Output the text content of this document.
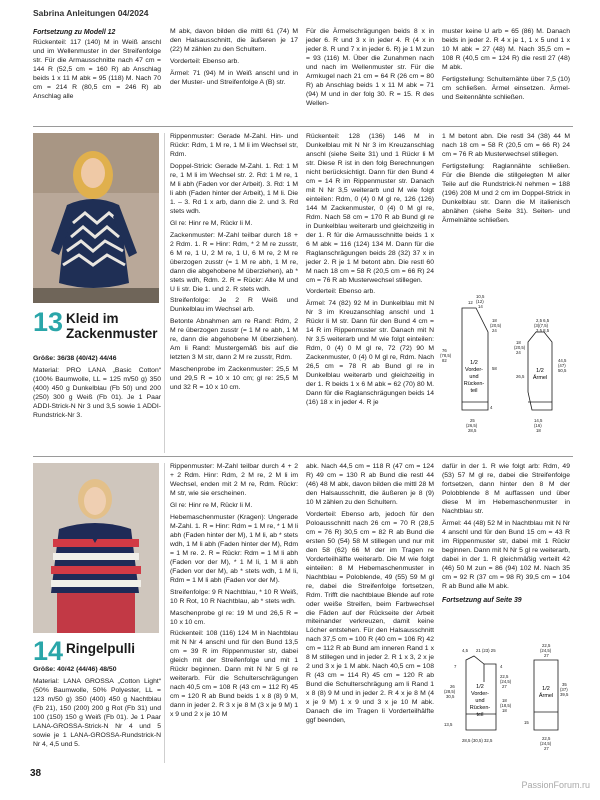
Sabrina Anleitungen 04/2024
Fortsetzung zu Modell 12

Rückenteil: 117 (140) M in Weiß anschl und im Wellenmuster in der Streifenfolge str. Für die Armausschnitte nach 47 cm = 144 R (52,5 cm = 160 R) ab Anschlag beids 1 x 11 M abk = 95 (118) M. Nach 70 cm = 214 R (80,5 cm = 246 R) ab Anschlag alle

M abk, davon bilden die mittl 61 (74) M den Halsausschnitt, die äußeren je 17 (22) M zählen zu den Schultern.

Vorderteil: Ebenso arb.

Ärmel: 71 (94) M in Weiß anschl und in der Muster- und Streifenfolge A (B) str.

Für die Ärmelschrägungen beids 8 x in jeder 6. R und 3 x in jeder 4. R (4 x in jeder 8. R und 7 x in jeder 6. R) je 1 M zun = 93 (116) M. Über die Zunahmen nach und nach im Wellenmuster str. Für die Armkugel nach 21 cm = 64 R (26 cm = 80 R) ab Anschlag beids 1 x 11 M abk = 71 (94) M und in der folg 30. R = 15. R des Wellen-

muster keine U arb = 65 (86) M. Danach beids in jeder 2. R 4 x je 1, 1 x 5 und 1 x 10 M abk = 27 (48) M. Nach 35,5 cm = 108 R (40,5 cm = 124 R) die restl 27 (48) M abk.

Fertigstellung: Schulternähte über 7,5 (10) cm schließen. Ärmel einsetzen. Ärmel- und Seitennähte schließen.

13 Kleid im Zackenmuster

Größe: 36/38 (40/42) 44/46

Material: PRO LANA „Basic Cotton“ (100% Baumwolle, LL = 125 m/50 g) 350 (400) 450 g Dunkelblau (Fb 50) und 200 (250) 300 g Weiß (Fb 01). Je 1 Paar ADDI-Strick-N Nr 3 und 3,5 sowie 1 ADDI-Rundstrick-Nr 3.

Rippenmuster: Gerade M-Zahl. Hin- und Rückr: Rdm, 1 M re, 1 M li im Wechsel str, Rdm.

Doppel-Strick: Gerade M-Zahl. 1. Rd: 1 M re, 1 M li im Wechsel str. 2. Rd: 1 M re, 1 M li abh (Faden vor der Arbeit). 3. Rd: 1 M li abh (Faden hinter der Arbeit), 1 M li. Die 1. – 3. Rd 1 x arb, dann die 2. und 3. Rd stets wdh.

Gl re: Hinr re M, Rückr li M.

Zackenmuster: M-Zahl teilbar durch 18 + 2 Rdm. 1. R = Hinr: Rdm, * 2 M re zusstr, 6 M re, 1 U, 2 M re, 1 U, 6 M re, 2 M re überzogen zusstr (= 1 M re abh, 1 M re, dann die abgehobene M überziehen), ab * stets wdh, Rdm. 2. R = Rückr: Alle M und U li str. Die 1. und 2. R stets wdh.

Streifenfolge: Je 2 R Weiß und Dunkelblau im Wechsel arb.

Betonte Abnahmen am re Rand: Rdm, 2 M re überzogen zusstr (= 1 M re abh, 1 M re, dann die abgehobene M überziehen). Am li Rand: Mustergemäß bis auf die letzten 3 M str, dann 2 M re zusstr, Rdm.

Maschenprobe im Zackenmuster: 25,5 M und 29,5 R = 10 x 10 cm; gl re: 25,5 M und 32 R = 10 x 10 cm.

Rückenteil: 128 (136) 146 M in Dunkelblau mit N Nr 3 im Kreuzanschlag anschl (siehe Seite 31) und 1 Rückr li M str. Diese R ist in den folg Berechnungen nicht berücksichtigt. Dann für den Bund 4 cm = 14 R im Rippenmuster str. Danach mit N Nr 3,5 weiterarb und M wie folgt einteilen: Rdm, 0 (4) 0 M gl re, 126 (126) 144 M Zackenmuster, 0 (4) 0 M gl re, Rdm. Nach 58 cm = 170 R ab Bund gl re in Dunkelblau weiterarb und gleichzeitig in der 1. R für die Armausschnitte beids 1 x 6 M abk = 116 (124) 134 M. Dann für die Raglanschrägungen beids 28 (32) 37 x in jeder 2. R je 1 M betont abn. Die restl 60 M nach 18 cm = 58 R (20,5 cm = 66 R) 24 cm = 76 R ab Musterwechsel stillegen.

Vorderteil: Ebenso arb.

Ärmel: 74 (82) 92 M in Dunkelblau mit N Nr 3 im Kreuzanschlag anschl und 1 Rückr li M str. Dann für den Bund 4 cm = 14 R im Rippenmuster str. Danach mit N Nr 3,5 weiterarb und M wie folgt einteilen: Rdm, 0 (4) 0 M gl re, 72 (72) 90 M Zackenmuster, 0 (4) 0 M gl re, Rdm. Nach 26,5 cm = 78 R ab Bund gl re in Dunkelblau weiterarb und gleichzeitig in der 1. R beids 1 x 6 M abk = 62 (70) 80 M. Dann für die Raglanschrägungen beids 14 (16) 18 x in jeder 4. R je

1 M betont abn. Die restl 34 (38) 44 M nach 18 cm = 58 R (20,5 cm = 66 R) 24 cm = 76 R ab Musterwechsel stillegen.

Fertigstellung: Raglannähte schließen. Für die Blende die stillgelegten M aller Teile auf die Rundstrick-N nehmen = 188 (196) 208 M und 2 cm im Doppel-Strick in Dunkelblau str. Dann die M italienisch abnähen (siehe Seite 31). Seiten- und Ärmelnähte schließen.

1/2 Vorder-und Rücken-teil
1/2 Ärmel
76 (78,5) 82
12
10,5 (12) 14
18 (20,5) 24
58
4
25 (26,5) 28,5
2,5 6,5 (3)(7,5) 3,5 8,5
18 (20,5) 24
26,5
44,5 (47) 50,5
14,5 (16) 18
14 Ringelpulli

Größe: 40/42 (44/46) 48/50

Material: LANA GROSSA „Cotton Light“ (50% Baumwolle, 50% Polyester, LL = 123 m/50 g) 350 (400) 450 g Nachtblau (Fb 21), 150 (200) 200 g Rot (Fb 31) und 100 (150) 150 g Weiß (Fb 01). Je 1 Paar LANA-GROSSA-Strick-N Nr 4 und 5 sowie je 1 LANA-GROSSA-Rundstrick-N Nr 4, 4,5 und 5.

Rippenmuster: M-Zahl teilbar durch 4 + 2 + 2 Rdm. Hinr: Rdm, 2 M re, 2 M li im Wechsel, enden mit 2 M re, Rdm. Rückr: M str, wie sie erscheinen.

Gl re: Hinr re M, Rückr li M.

Hebemaschenmuster (Kragen): Ungerade M-Zahl. 1. R = Hinr: Rdm = 1 M re, * 1 M li abh (Faden hinter der M), 1 M li, ab * stets wdh, 1 M li abh (Faden hinter der M), Rdm = 1 M re. 2. R = Rückr: Rdm = 1 M li abh (Faden vor der M), * 1 M li, 1 M li abh (Faden vor der M), ab * stets wdh, 1 M li, Rdm = 1 M li abh (Faden vor der M).

Streifenfolge: 9 R Nachtblau, * 10 R Weiß, 10 R Rot, 10 R Nachtblau, ab * stets wdh.

Maschenprobe gl re: 19 M und 26,5 R = 10 x 10 cm.

Rückenteil: 108 (116) 124 M in Nachtblau mit N Nr 4 anschl und für den Bund 13,5 cm = 39 R im Rippenmuster str, dabei gleich mit der Streifenfolge und mit 1 Rückr beginnen. Dann mit N Nr 5 gl re weiterarb. Für die Schulterschrägungen nach 40,5 cm = 108 R (43 cm = 112 R) 45 cm = 120 R ab Bund beids 1 x 8 (8) 9 M, dann in jeder 2. R 3 x je 8 M (3 x je 9 M) 1 x 9 und 2 x je 10 M

abk. Nach 44,5 cm = 118 R (47 cm = 124 R) 49 cm = 130 R ab Bund die restl 44 (46) 48 M abk, davon bilden die mittl 28 M den Halsausschnitt, die äußeren je 8 (9) 10 M zählen zu den Schultern.

Vorderteil: Ebenso arb, jedoch für den Poloausschnitt nach 26 cm = 70 R (28,5 cm = 76 R) 30,5 cm = 82 R ab Bund die ersten 50 (54) 58 M stillegen und nur mit den 58 (62) 66 M der im Tragen re Vorderteilhälfte weiterarb. Die M wie folgt einteilen: 8 M Hebemaschenmuster in Nachtblau = Poloblende, 49 (55) 59 M gl re, dabei die Streifenfolge fortsetzen, Rdm. Trifft die nachtblaue Blende auf rote oder weiße Streifen, beim Farbwechsel die Fäden auf der Rückseite der Arbeit miteinander verkreuzen, damit keine Löcher entstehen. Für den Halsausschnitt nach 37,5 cm = 100 R (40 cm = 106 R) 42 cm = 112 R ab Bund am inneren Rand 1 x 8 M stillegen und in jeder 2. R 1 x 3, 2 x je 2 und 3 x je 1 M abk. Nach 40,5 cm = 108 R (43 cm = 114 R) 45 cm = 120 R ab Bund die Schulterschrägung am li Rand 1 x 8 (8) 9 M und in jeder 2. R 4 x je 8 M (4 x je 9 M) 1 x 9 und 3 x je 10 M abk. Danach die im Tragen li Vorderteilhälfte ggf beenden,

dafür in der 1. R wie folgt arb: Rdm, 49 (53) 57 M gl re, dabei die Streifenfolge fortsetzen, dann hinter den 8 M der Polobblende 8 M auffassen und über diese M im Hebemaschenmuster in Nachtblau str.

Ärmel: 44 (48) 52 M in Nachtblau mit N Nr 4 anschl und für den Bund 15 cm = 43 R im Rippenmuster str, dabei mit 1 Rückr beginnen. Dann mit N Nr 5 gl re weiterarb, dabei in der 1. R gleichmäßig verteilt 42 (46) 50 M zun = 86 (94) 102 M. Nach 35 cm = 92 R (37 cm = 98 R) 39,5 cm = 104 R ab Bund alle M abk.

Fortsetzung auf Seite 39

1/2 Vorder-und Rücken-teil
1/2 Ärmel
4,5 21 (23) 25
7
26 (28,5) 30,5
13,5
4
22,5 (24,5) 27
18 (18,5) 18
28,5 (30,5) 32,5
22,5 (24,5) 27
15
35 (37) 39,5
22,5 (24,5) 27
38
PassionForum.ru
